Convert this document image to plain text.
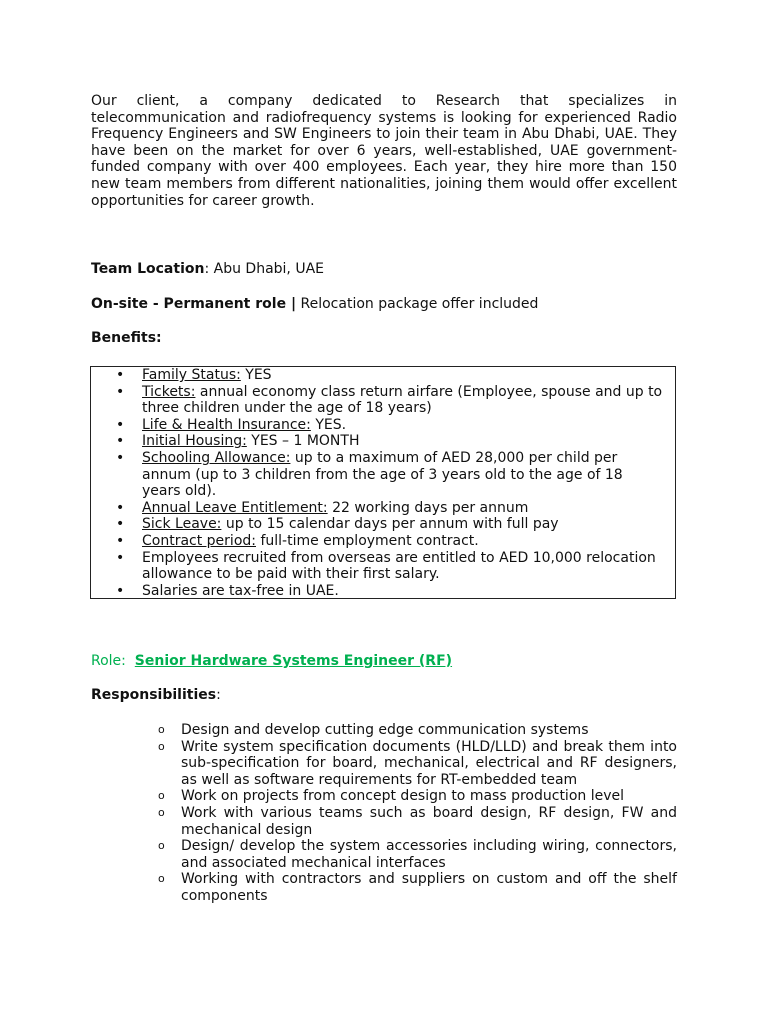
Our client, a company dedicated to Research that specializes in telecommunication and radiofrequency systems is looking for experienced Radio Frequency Engineers and SW Engineers to join their team in Abu Dhabi, UAE. They have been on the market for over 6 years, well-established, UAE government-funded company with over 400 employees. Each year, they hire more than 150 new team members from different nationalities, joining them would offer excellent opportunities for career growth.

Team Location: Abu Dhabi, UAE

On-site - Permanent role | Relocation package offer included

Benefits:

• Family Status: YES
• Tickets: annual economy class return airfare (Employee, spouse and up to three children under the age of 18 years)
• Life & Health Insurance: YES.
• Initial Housing: YES – 1 MONTH
• Schooling Allowance: up to a maximum of AED 28,000 per child per annum (up to 3 children from the age of 3 years old to the age of 18 years old).
• Annual Leave Entitlement: 22 working days per annum
• Sick Leave: up to 15 calendar days per annum with full pay
• Contract period: full-time employment contract.
• Employees recruited from overseas are entitled to AED 10,000 relocation allowance to be paid with their first salary.
• Salaries are tax-free in UAE.

Role: Senior Hardware Systems Engineer (RF)

Responsibilities:

o Design and develop cutting edge communication systems
o Write system specification documents (HLD/LLD) and break them into sub-specification for board, mechanical, electrical and RF designers, as well as software requirements for RT-embedded team
o Work on projects from concept design to mass production level
o Work with various teams such as board design, RF design, FW and mechanical design
o Design/ develop the system accessories including wiring, connectors, and associated mechanical interfaces
o Working with contractors and suppliers on custom and off the shelf components
